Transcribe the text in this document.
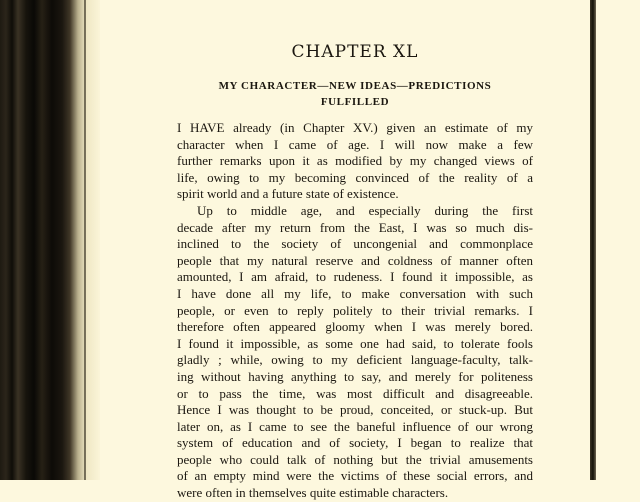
CHAPTER XL
MY CHARACTER—NEW IDEAS—PREDICTIONS
FULFILLED
I HAVE already (in Chapter XV.) given an estimate of my
character when I came of age. I will now make a few
further remarks upon it as modified by my changed views of
life, owing to my becoming convinced of the reality of a
spirit world and a future state of existence.
Up to middle age, and especially during the first
decade after my return from the East, I was so much dis-
inclined to the society of uncongenial and commonplace
people that my natural reserve and coldness of manner often
amounted, I am afraid, to rudeness. I found it impossible, as
I have done all my life, to make conversation with such
people, or even to reply politely to their trivial remarks. I
therefore often appeared gloomy when I was merely bored.
I found it impossible, as some one had said, to tolerate fools
gladly ; while, owing to my deficient language-faculty, talk-
ing without having anything to say, and merely for politeness
or to pass the time, was most difficult and disagreeable.
Hence I was thought to be proud, conceited, or stuck-up. But
later on, as I came to see the baneful influence of our wrong
system of education and of society, I began to realize that
people who could talk of nothing but the trivial amusements
of an empty mind were the victims of these social errors, and
were often in themselves quite estimable characters.
